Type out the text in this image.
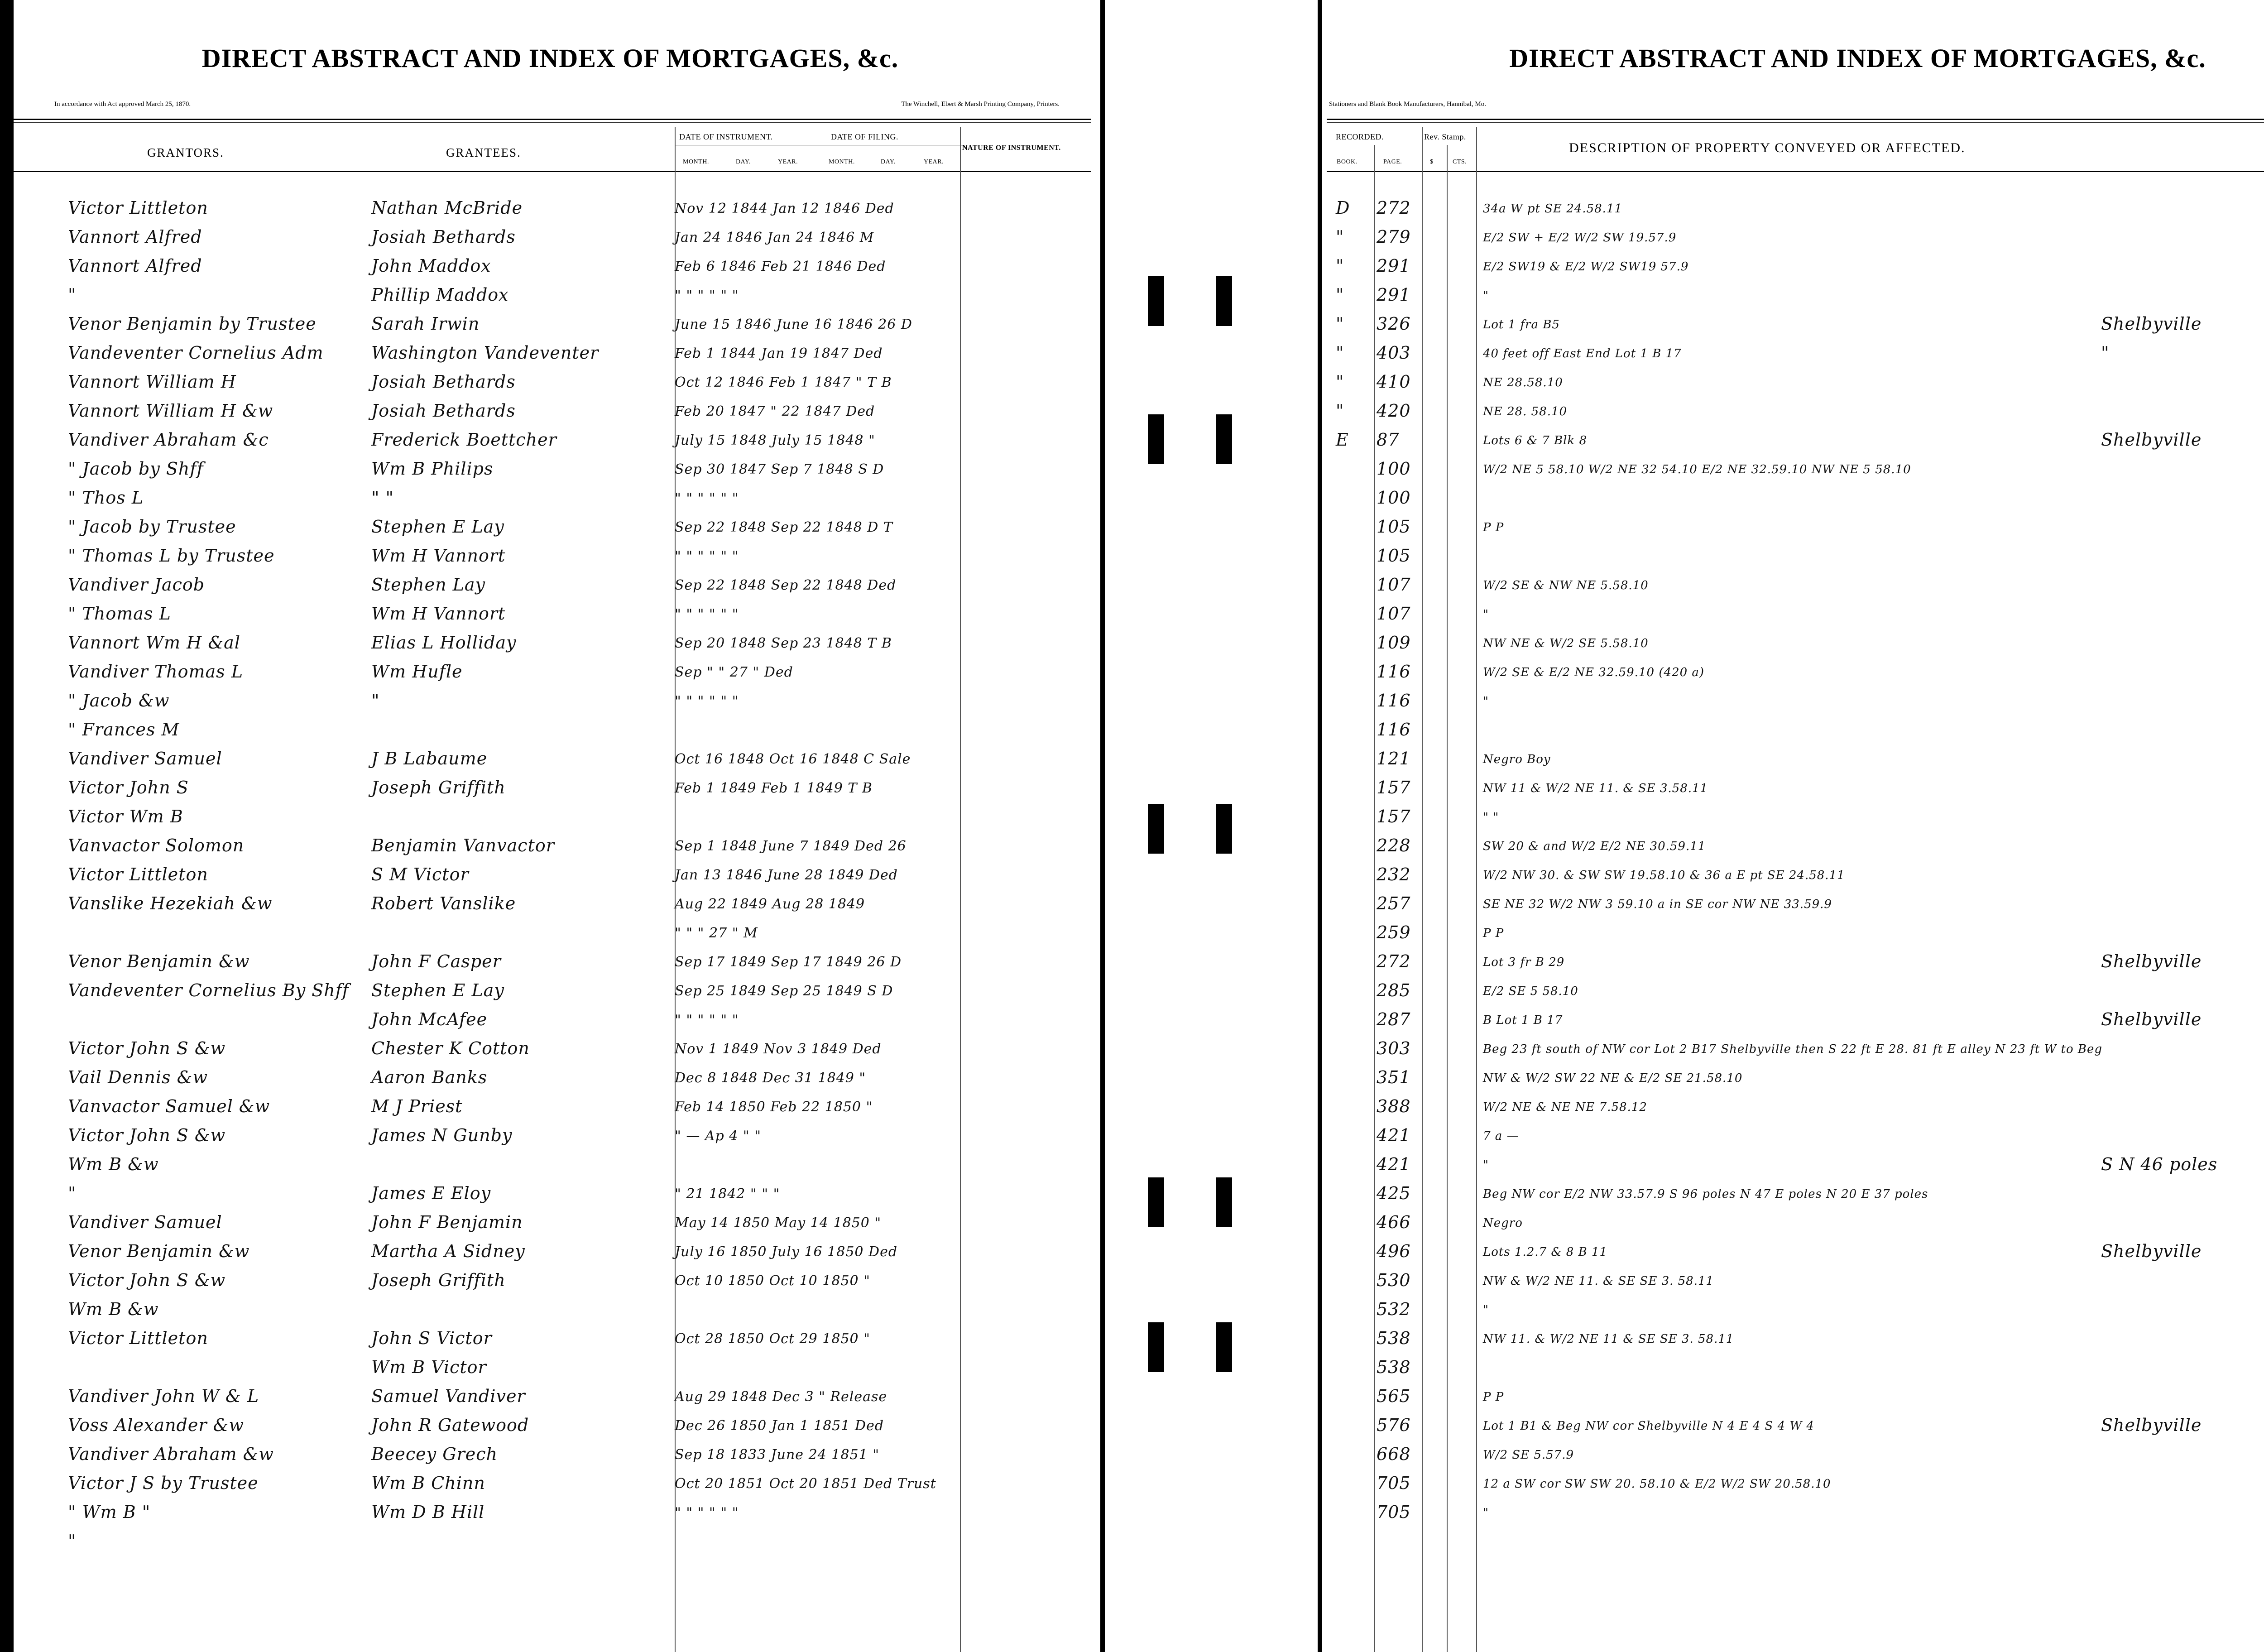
DIRECT ABSTRACT AND INDEX OF MORTGAGES, &c.
In accordance with Act approved March 25, 1870.	The Winchell, Ebert & Marsh Printing Company, Printers.
GRANTORS.	GRANTEES.
DATE OF INSTRUMENT.	DATE OF FILING.
NATURE OF INSTRUMENT.
MONTH.	DAY.	YEAR.	MONTH.	DAY.	YEAR.
Victor Littleton	Nathan McBride	Nov 12 1844 Jan 12 1846 Ded
Vannort Alfred	Josiah Bethards	Jan 24 1846 Jan 24 1846 M
Vannort Alfred	John Maddox	Feb 6 1846 Feb 21 1846 Ded
"	Phillip Maddox	" " " " " "
Venor Benjamin by Trustee	Sarah Irwin	June 15 1846 June 16 1846 26 D
Vandeventer Cornelius Adm	Washington Vandeventer	Feb 1 1844 Jan 19 1847 Ded
Vannort William H	Josiah Bethards	Oct 12 1846 Feb 1 1847 " T B
Vannort William H &w	Josiah Bethards	Feb 20 1847 " 22 1847 Ded
Vandiver Abraham &c	Frederick Boettcher	July 15 1848 July 15 1848 "
" Jacob by Shff	Wm B Philips	Sep 30 1847 Sep 7 1848 S D
" Thos L	" "	" " " " " "
" Jacob by Trustee	Stephen E Lay	Sep 22 1848 Sep 22 1848 D T
" Thomas L by Trustee	Wm H Vannort	" " " " " "
Vandiver Jacob	Stephen Lay	Sep 22 1848 Sep 22 1848 Ded
" Thomas L	Wm H Vannort	" " " " " "
Vannort Wm H &al	Elias L Holliday	Sep 20 1848 Sep 23 1848 T B
Vandiver Thomas L	Wm Hufle	Sep " " 27 " Ded
" Jacob &w	"	" " " " " "
" Frances M
Vandiver Samuel	J B Labaume	Oct 16 1848 Oct 16 1848 C Sale
Victor John S	Joseph Griffith	Feb 1 1849 Feb 1 1849 T B
Victor Wm B
Vanvactor Solomon	Benjamin Vanvactor	Sep 1 1848 June 7 1849 Ded 26
Victor Littleton	S M Victor	Jan 13 1846 June 28 1849 Ded
Vanslike Hezekiah &w	Robert Vanslike	Aug 22 1849 Aug 28 1849
" " " 27 " M
Venor Benjamin &w	John F Casper	Sep 17 1849 Sep 17 1849 26 D
Vandeventer Cornelius By Shff Stephen E Lay	Sep 25 1849 Sep 25 1849 S D
John McAfee	" " " " " "
Victor John S &w	Chester K Cotton	Nov 1 1849 Nov 3 1849 Ded
Vail Dennis &w	Aaron Banks	Dec 8 1848 Dec 31 1849 "
Vanvactor Samuel &w	M J Priest	Feb 14 1850 Feb 22 1850 "
Victor John S &w	James N Gunby	" — Ap 4 " "
Wm B &w
"	James E Eloy	" 21 1842 " " "
Vandiver Samuel	John F Benjamin	May 14 1850 May 14 1850 "
Venor Benjamin &w	Martha A Sidney	July 16 1850 July 16 1850 Ded
Victor John S &w	Joseph Griffith	Oct 10 1850 Oct 10 1850 "
Wm B &w
Victor Littleton	John S Victor	Oct 28 1850 Oct 29 1850 "
Wm B Victor
Vandiver John W & L	Samuel Vandiver	Aug 29 1848 Dec 3 " Release
Voss Alexander &w	John R Gatewood	Dec 26 1850 Jan 1 1851 Ded
Vandiver Abraham &w	Beecey Grech	Sep 18 1833 June 24 1851 "
Victor J S by Trustee	Wm B Chinn	Oct 20 1851 Oct 20 1851 Ded Trust
" Wm B "	Wm D B Hill	" " " " " "
"
DIRECT ABSTRACT AND INDEX OF MORTGAGES, &c.
Stationers and Blank Book Manufacturers, Hannibal, Mo.
RECORDED.	Rev. Stamp.
BOOK.	PAGE.	$	CTS.
DESCRIPTION OF PROPERTY CONVEYED OR AFFECTED.
D 272	34a W pt SE 24.58.11
" 279	E/2 SW + E/2 W/2 SW 19.57.9
" 291	E/2 SW19 & E/2 W/2 SW19 57.9
" 291	"
" 326	Lot 1 fra B5	Shelbyville
" 403	40 feet off East End Lot 1 B 17	"
" 410	NE 28.58.10
" 420	NE 28. 58.10
E 87	Lots 6 & 7 Blk 8	Shelbyville
100	W/2 NE 5 58.10 W/2 NE 32 54.10 E/2 NE 32.59.10 NW NE 5 58.10
100
105	P P
105
107	W/2 SE & NW NE 5.58.10
107	"
109	NW NE & W/2 SE 5.58.10
116	W/2 SE & E/2 NE 32.59.10 (420 a)
116	"
116
121	Negro Boy
157	NW 11 & W/2 NE 11. & SE 3.58.11
157	" "
228	SW 20 & and W/2 E/2 NE 30.59.11
232	W/2 NW 30. & SW SW 19.58.10 & 36 a E pt SE 24.58.11
257	SE NE 32 W/2 NW 3 59.10 a in SE cor NW NE 33.59.9
259	P P
272	Lot 3 fr B 29	Shelbyville
285	E/2 SE 5 58.10
287	B Lot 1 B 17	Shelbyville
303	Beg 23 ft south of NW cor Lot 2 B17 Shelbyville then S 22 ft E 28. 81 ft E alley N 23 ft W to Beg
351	NW & W/2 SW 22 NE & E/2 SE 21.58.10
388	W/2 NE & NE NE 7.58.12
421	7 a —
421	"	S N 46 poles
425	Beg NW cor E/2 NW 33.57.9 S 96 poles N 47 E poles N 20 E 37 poles
466	Negro
496	Lots 1.2.7 & 8 B 11	Shelbyville
530	NW & W/2 NE 11. & SE SE 3. 58.11
532	"
538	NW 11. & W/2 NE 11 & SE SE 3. 58.11
538
565	P P
576	Lot 1 B1 & Beg NW cor Shelbyville N 4 E 4 S 4 W 4	Shelbyville
668	W/2 SE 5.57.9
705	12 a SW cor SW SW 20. 58.10 & E/2 W/2 SW 20.58.10
705	"
